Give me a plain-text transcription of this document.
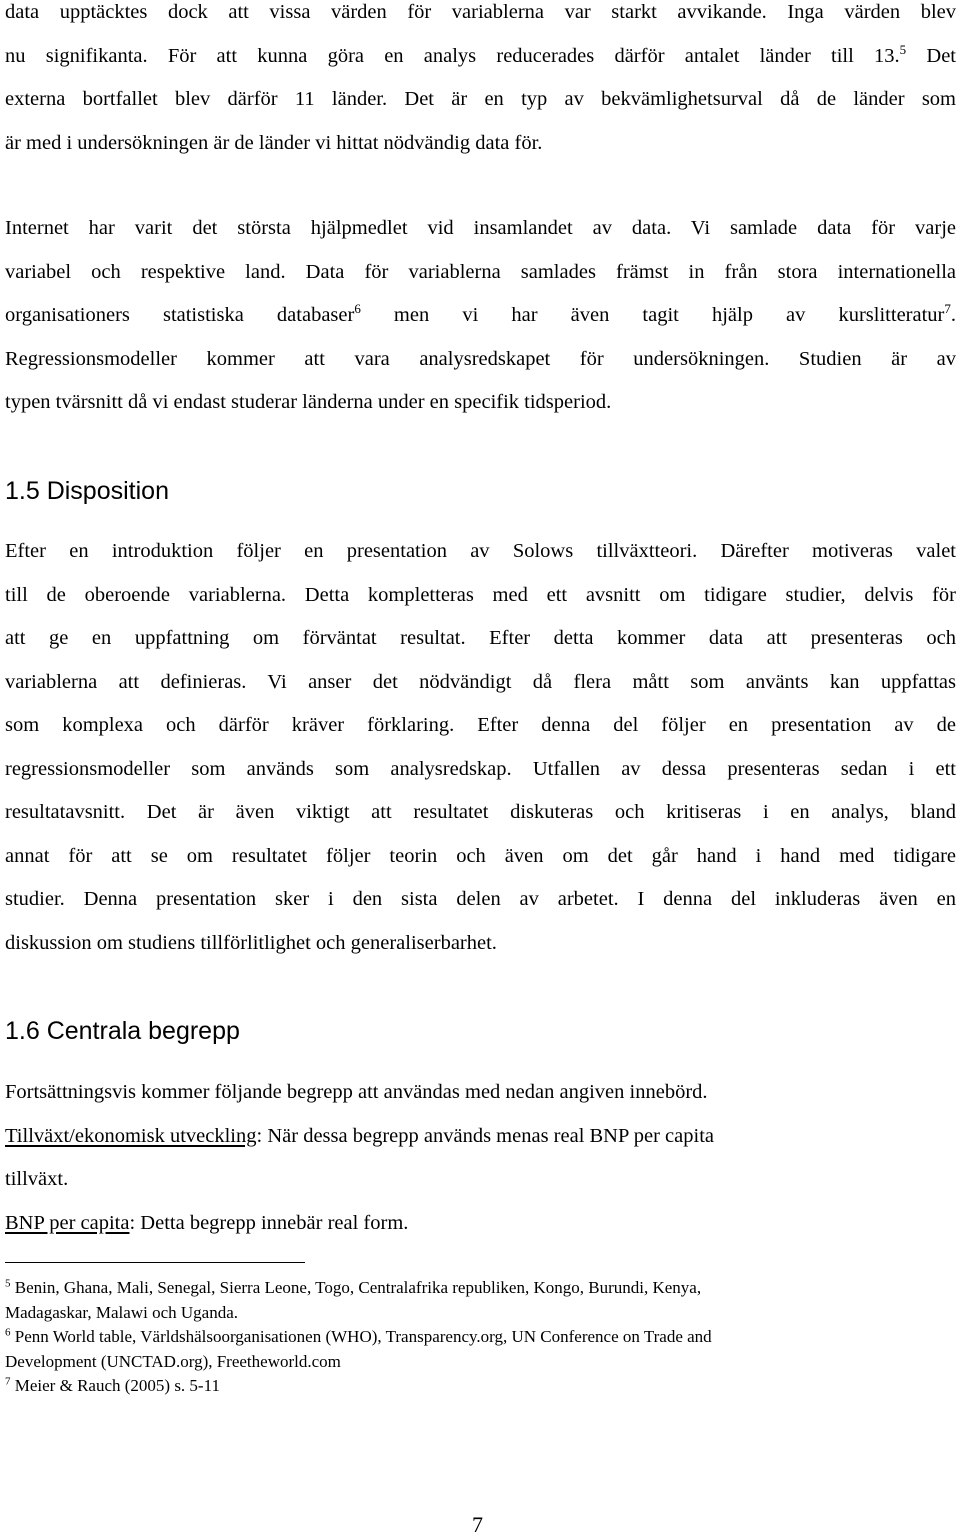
data upptäcktes dock att vissa värden för variablerna var starkt avvikande. Inga värden blev
nu signifikanta. För att kunna göra en analys reducerades därför antalet länder till 13.$^5$ Det
externa bortfallet blev därför 11 länder. Det är en typ av bekvämlighetsurval då de länder som
är med i undersökningen är de länder vi hittat nödvändig data för.
Internet har varit det största hjälpmedlet vid insamlandet av data. Vi samlade data för varje
variabel och respektive land. Data för variablerna samlades främst in från stora internationella
organisationers statistiska databaser$^6$ men vi har även tagit hjälp av kurslitteratur$^7$.
Regressionsmodeller kommer att vara analysredskapet för undersökningen. Studien är av
typen tvärsnitt då vi endast studerar länderna under en specifik tidsperiod.
1.5 Disposition
Efter en introduktion följer en presentation av Solows tillväxtteori. Därefter motiveras valet
till de oberoende variablerna. Detta kompletteras med ett avsnitt om tidigare studier, delvis för
att ge en uppfattning om förväntat resultat. Efter detta kommer data att presenteras och
variablerna att definieras. Vi anser det nödvändigt då flera mått som använts kan uppfattas
som komplexa och därför kräver förklaring. Efter denna del följer en presentation av de
regressionsmodeller som används som analysredskap. Utfallen av dessa presenteras sedan i ett
resultatavsnitt. Det är även viktigt att resultatet diskuteras och kritiseras i en analys, bland
annat för att se om resultatet följer teorin och även om det går hand i hand med tidigare
studier. Denna presentation sker i den sista delen av arbetet. I denna del inkluderas även en
diskussion om studiens tillförlitlighet och generaliserbarhet.
1.6 Centrala begrepp
Fortsättningsvis kommer följande begrepp att användas med nedan angiven innebörd.
Tillväxt/ekonomisk utveckling: När dessa begrepp används menas real BNP per capita
tillväxt.
BNP per capita: Detta begrepp innebär real form.
$^5$ Benin, Ghana, Mali, Senegal, Sierra Leone, Togo, Centralafrika republiken, Kongo, Burundi, Kenya,
Madagaskar, Malawi och Uganda.
$^6$ Penn World table, Världshälsoorganisationen (WHO), Transparency.org, UN Conference on Trade and
Development (UNCTAD.org), Freetheworld.com
$^7$ Meier & Rauch (2005) s. 5-11
7
